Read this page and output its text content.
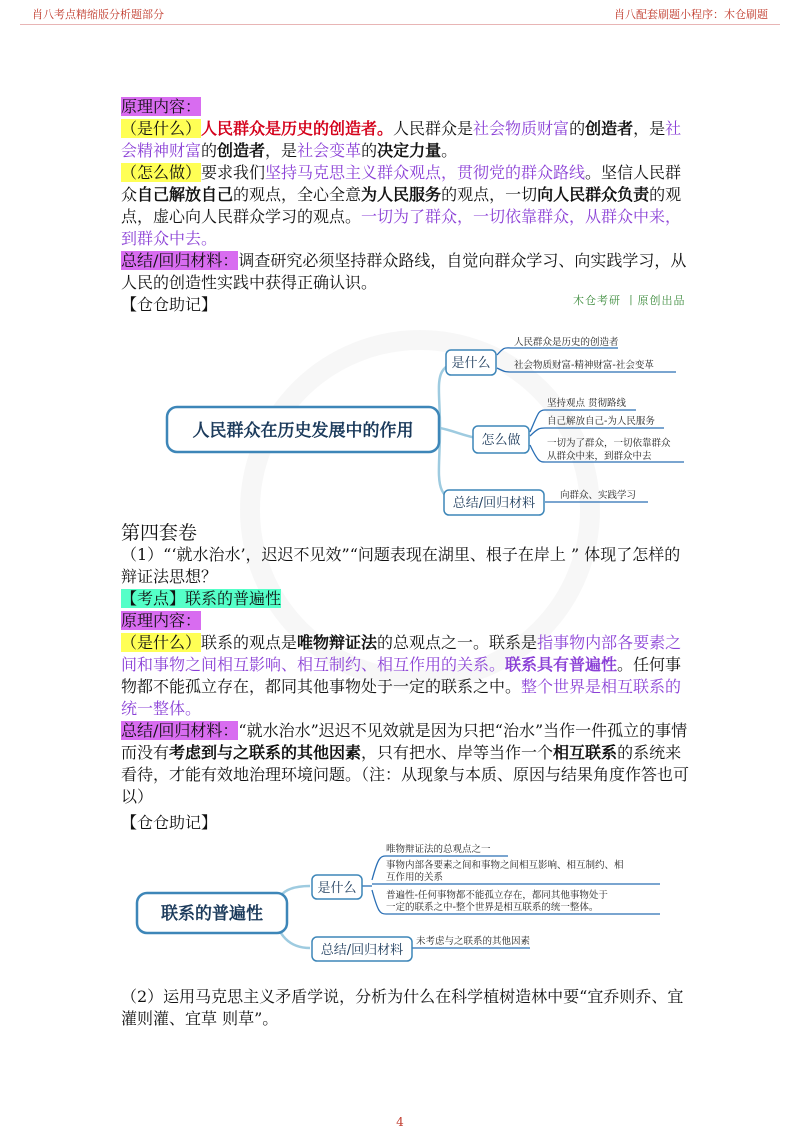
肖八考点精缩版分析题部分	肖八配套刷题小程序：木仓刷题

原理内容：

（是什么）人民群众是历史的创造者。人民群众是社会物质财富的创造者，是社会精神财富的创造者，是社会变革的决定力量。

（怎么做）要求我们坚持马克思主义群众观点，贯彻党的群众路线。坚信人民群众自己解放自己的观点，全心全意为人民服务的观点，一切向人民群众负责的观点，虚心向人民群众学习的观点。一切为了群众，一切依靠群众，从群众中来，到群众中去。

总结/回归材料：调查研究必须坚持群众路线，自觉向群众学习、向实践学习，从人民的创造性实践中获得正确认识。

【仓仓助记】	木仓考研 丨原创出品
人民群众在历史发展中的作用
是什么
怎么做
总结/回归材料
人民群众是历史的创造者
社会物质财富-精神财富-社会变革
坚持观点 贯彻路线
自己解放自己-为人民服务
一切为了群众，一切依靠群众
从群众中来，到群众中去
向群众、实践学习

第四套卷

（1）“‘就水治水’，迟迟不见效”“问题表现在湖里、根子在岸上 ” 体现了怎样的辩证法思想？

【考点】联系的普遍性

原理内容：

（是什么）联系的观点是唯物辩证法的总观点之一。联系是指事物内部各要素之间和事物之间相互影响、相互制约、相互作用的关系。联系具有普遍性。任何事物都不能孤立存在，都同其他事物处于一定的联系之中。整个世界是相互联系的统一整体。

总结/回归材料：“就水治水”迟迟不见效就是因为只把“治水”当作一件孤立的事情而没有考虑到与之联系的其他因素，只有把水、岸等当作一个相互联系的系统来看待，才能有效地治理环境问题。（注：从现象与本质、原因与结果角度作答也可以）

【仓仓助记】

联系的普遍性
是什么
总结/回归材料
唯物辩证法的总观点之一
事物内部各要素之间和事物之间相互影响、相互制约、相
互作用的关系
普遍性-任何事物都不能孤立存在，都同其他事物处于
一定的联系之中-整个世界是相互联系的统一整体。
未考虑与之联系的其他因素

（2）运用马克思主义矛盾学说，分析为什么在科学植树造林中要“宜乔则乔、宜灌则灌、宜草 则草”。

4
